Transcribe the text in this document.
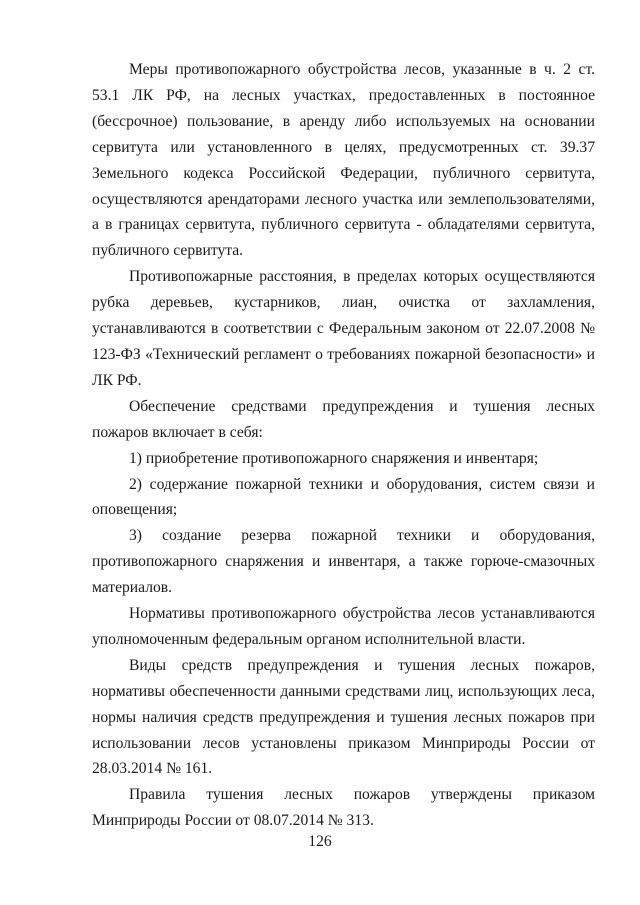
Меры противопожарного обустройства лесов, указанные в ч. 2 ст. 53.1 ЛК РФ, на лесных участках, предоставленных в постоянное (бессрочное) пользование, в аренду либо используемых на основании сервитута или установленного в целях, предусмотренных ст. 39.37 Земельного кодекса Российской Федерации, публичного сервитута, осуществляются арендаторами лесного участка или землепользователями, а в границах сервитута, публичного сервитута - обладателями сервитута, публичного сервитута.

Противопожарные расстояния, в пределах которых осуществляются рубка деревьев, кустарников, лиан, очистка от захламления, устанавливаются в соответствии с Федеральным законом от 22.07.2008 № 123-ФЗ «Технический регламент о требованиях пожарной безопасности» и ЛК РФ.

Обеспечение средствами предупреждения и тушения лесных пожаров включает в себя:

1) приобретение противопожарного снаряжения и инвентаря;

2) содержание пожарной техники и оборудования, систем связи и оповещения;

3) создание резерва пожарной техники и оборудования, противопожарного снаряжения и инвентаря, а также горюче-смазочных материалов.

Нормативы противопожарного обустройства лесов устанавливаются уполномоченным федеральным органом исполнительной власти.

Виды средств предупреждения и тушения лесных пожаров, нормативы обеспеченности данными средствами лиц, использующих леса, нормы наличия средств предупреждения и тушения лесных пожаров при использовании лесов установлены приказом Минприроды России от 28.03.2014 № 161.

Правила тушения лесных пожаров утверждены приказом Минприроды России от 08.07.2014 № 313.

126
